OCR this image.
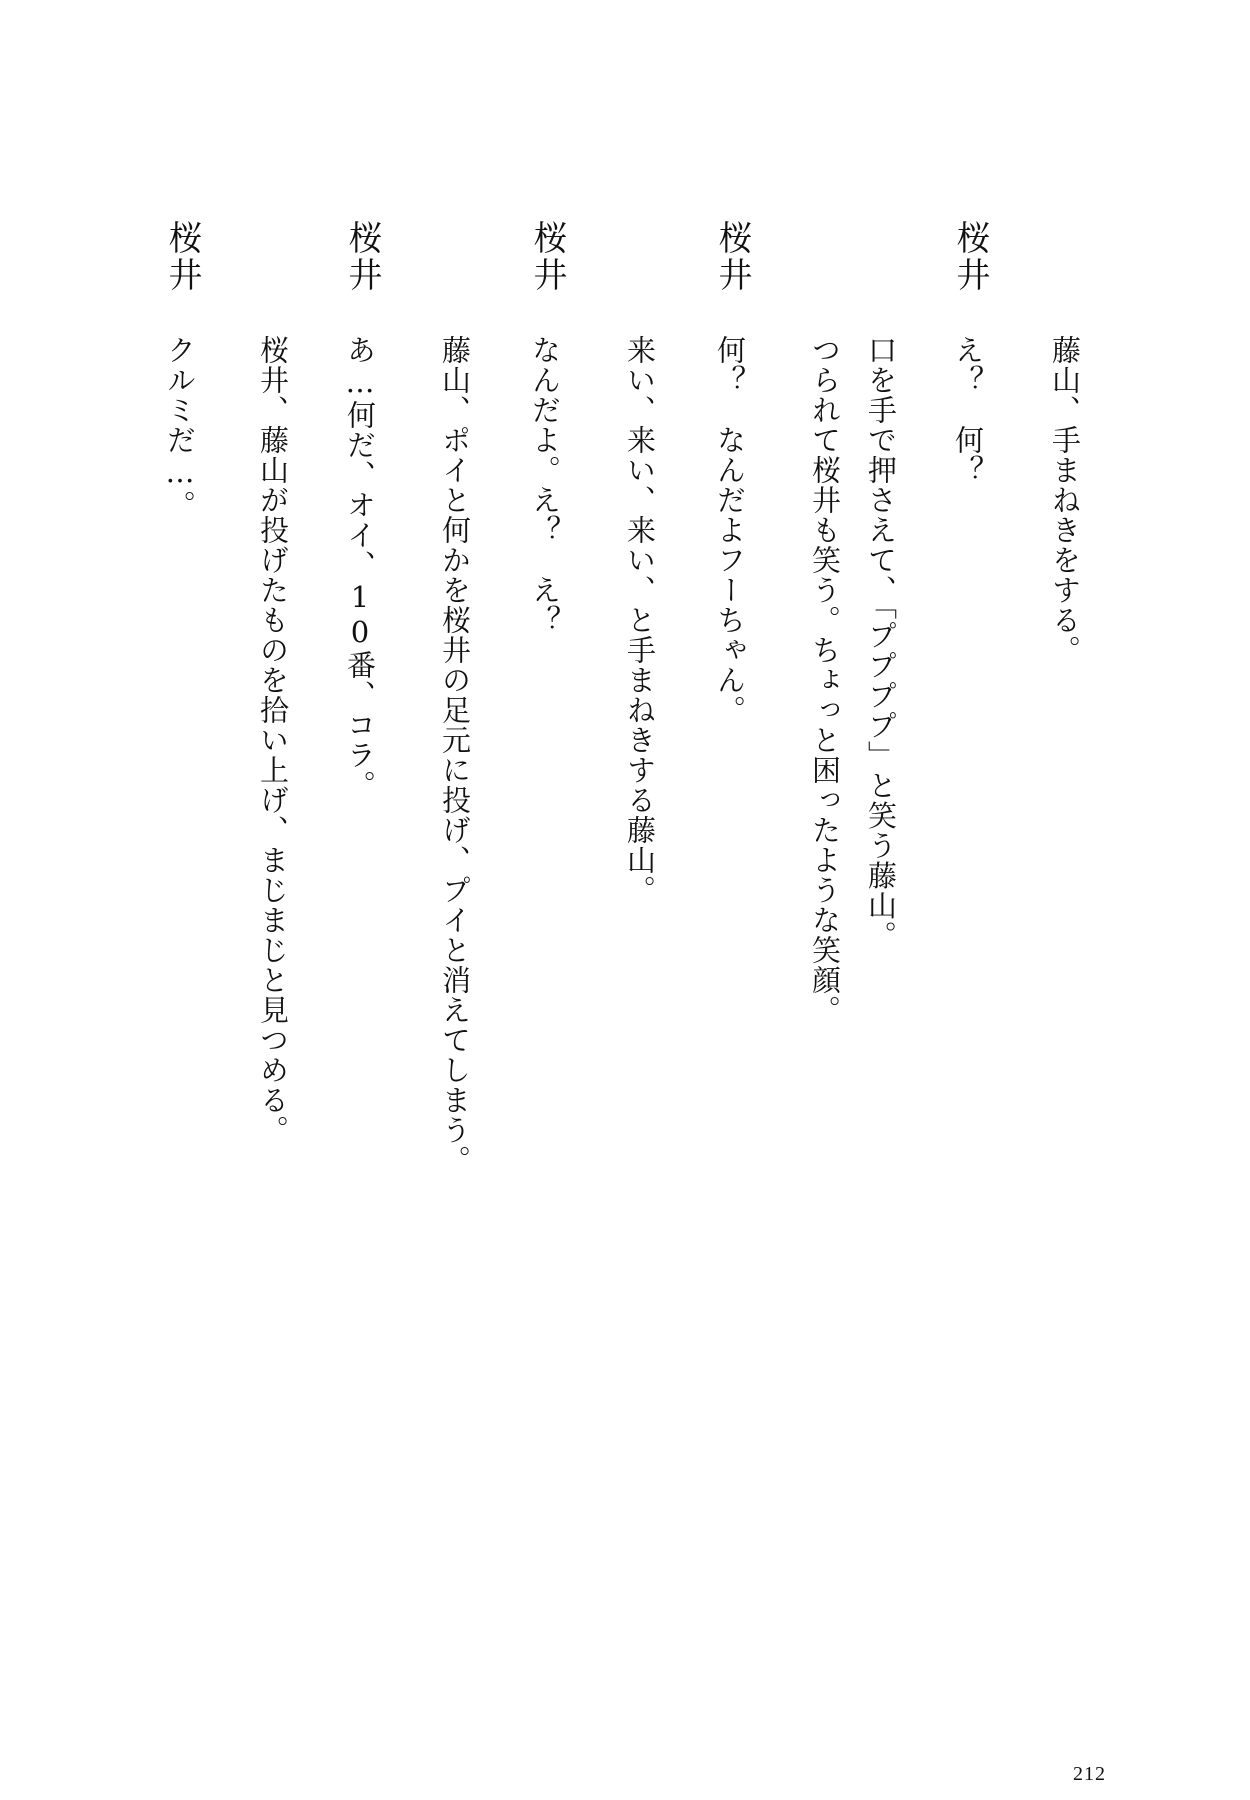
藤山、手まねきをする。
桜井
え？　何？
口を手で押さえて、「ププププ」と笑う藤山。
つられて桜井も笑う。ちょっと困ったような笑顔。
桜井
何？　なんだよフーちゃん。
来い、来い、来い、と手まねきする藤山。
桜井
なんだよ。え？　え？
藤山、ポイと何かを桜井の足元に投げ、プイと消えてしまう。
桜井
あ…何だ、オイ、10番、コラ。
桜井、藤山が投げたものを拾い上げ、まじまじと見つめる。
桜井
クルミだ…。
212
